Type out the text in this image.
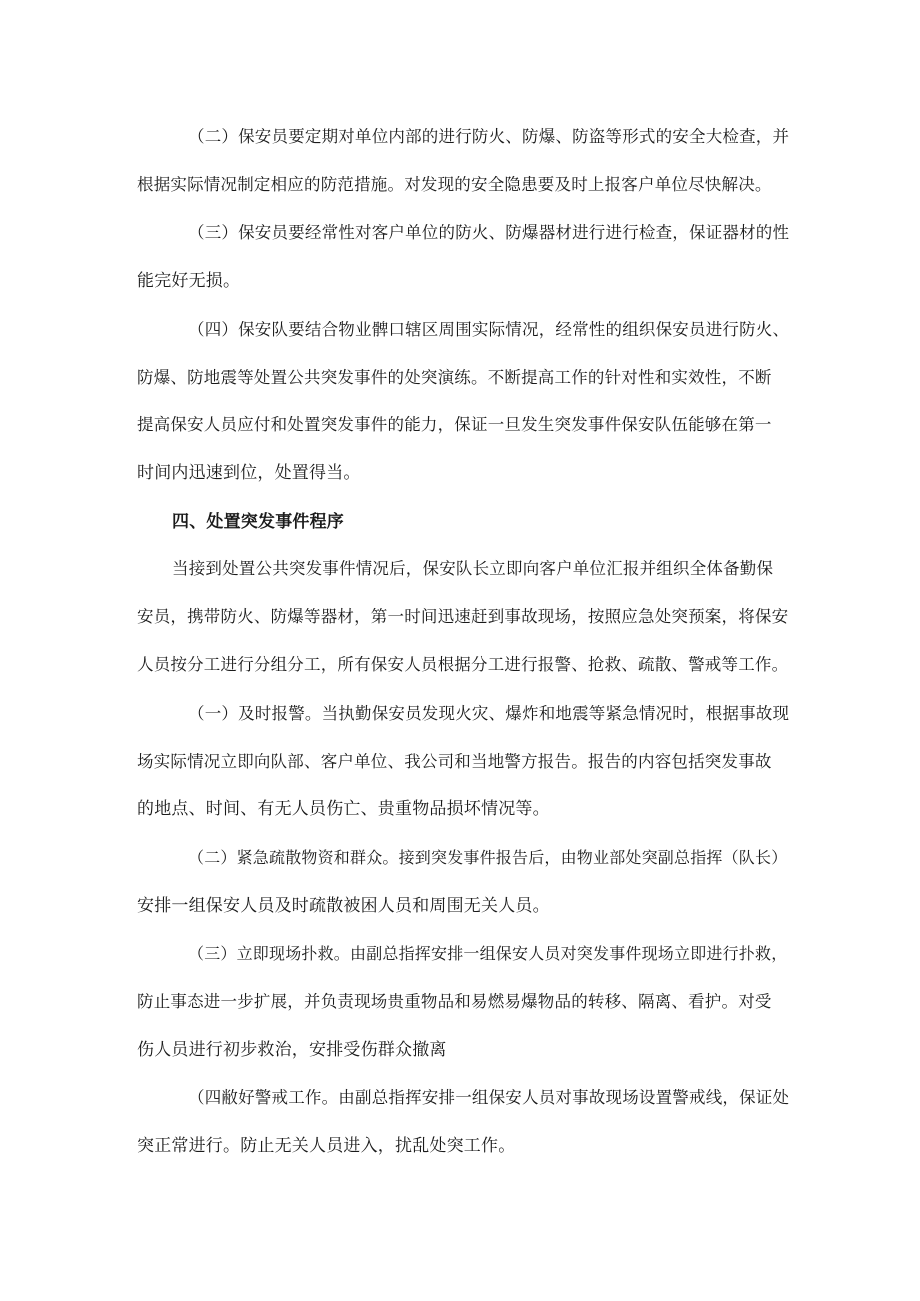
（二）保安员要定期对单位内部的进行防火、防爆、防盗等形式的安全大检查，并
根据实际情况制定相应的防范措施。对发现的安全隐患要及时上报客户单位尽快解决。
（三）保安员要经常性对客户单位的防火、防爆器材进行进行检查，保证器材的性
能完好无损。
（四）保安队要结合物业髀口辖区周围实际情况，经常性的组织保安员进行防火、
防爆、防地震等处置公共突发事件的处突演练。不断提高工作的针对性和实效性，不断
提高保安人员应付和处置突发事件的能力，保证一旦发生突发事件保安队伍能够在第一
时间内迅速到位，处置得当。
四、处置突发事件程序
当接到处置公共突发事件情况后，保安队长立即向客户单位汇报并组织全体备勤保
安员，携带防火、防爆等器材，第一时间迅速赶到事故现场，按照应急处突预案，将保安
人员按分工进行分组分工，所有保安人员根据分工进行报警、抢救、疏散、警戒等工作。
（一）及时报警。当执勤保安员发现火灾、爆炸和地震等紧急情况时，根据事故现
场实际情况立即向队部、客户单位、我公司和当地警方报告。报告的内容包括突发事故
的地点、时间、有无人员伤亡、贵重物品损坏情况等。
（二）紧急疏散物资和群众。接到突发事件报告后，由物业部处突副总指挥（队长）
安排一组保安人员及时疏散被困人员和周围无关人员。
（三）立即现场扑救。由副总指挥安排一组保安人员对突发事件现场立即进行扑救，
防止事态进一步扩展，并负责现场贵重物品和易燃易爆物品的转移、隔离、看护。对受
伤人员进行初步救治，安排受伤群众撤离
（四敝好警戒工作。由副总指挥安排一组保安人员对事故现场设置警戒线，保证处
突正常进行。防止无关人员进入，扰乱处突工作。
